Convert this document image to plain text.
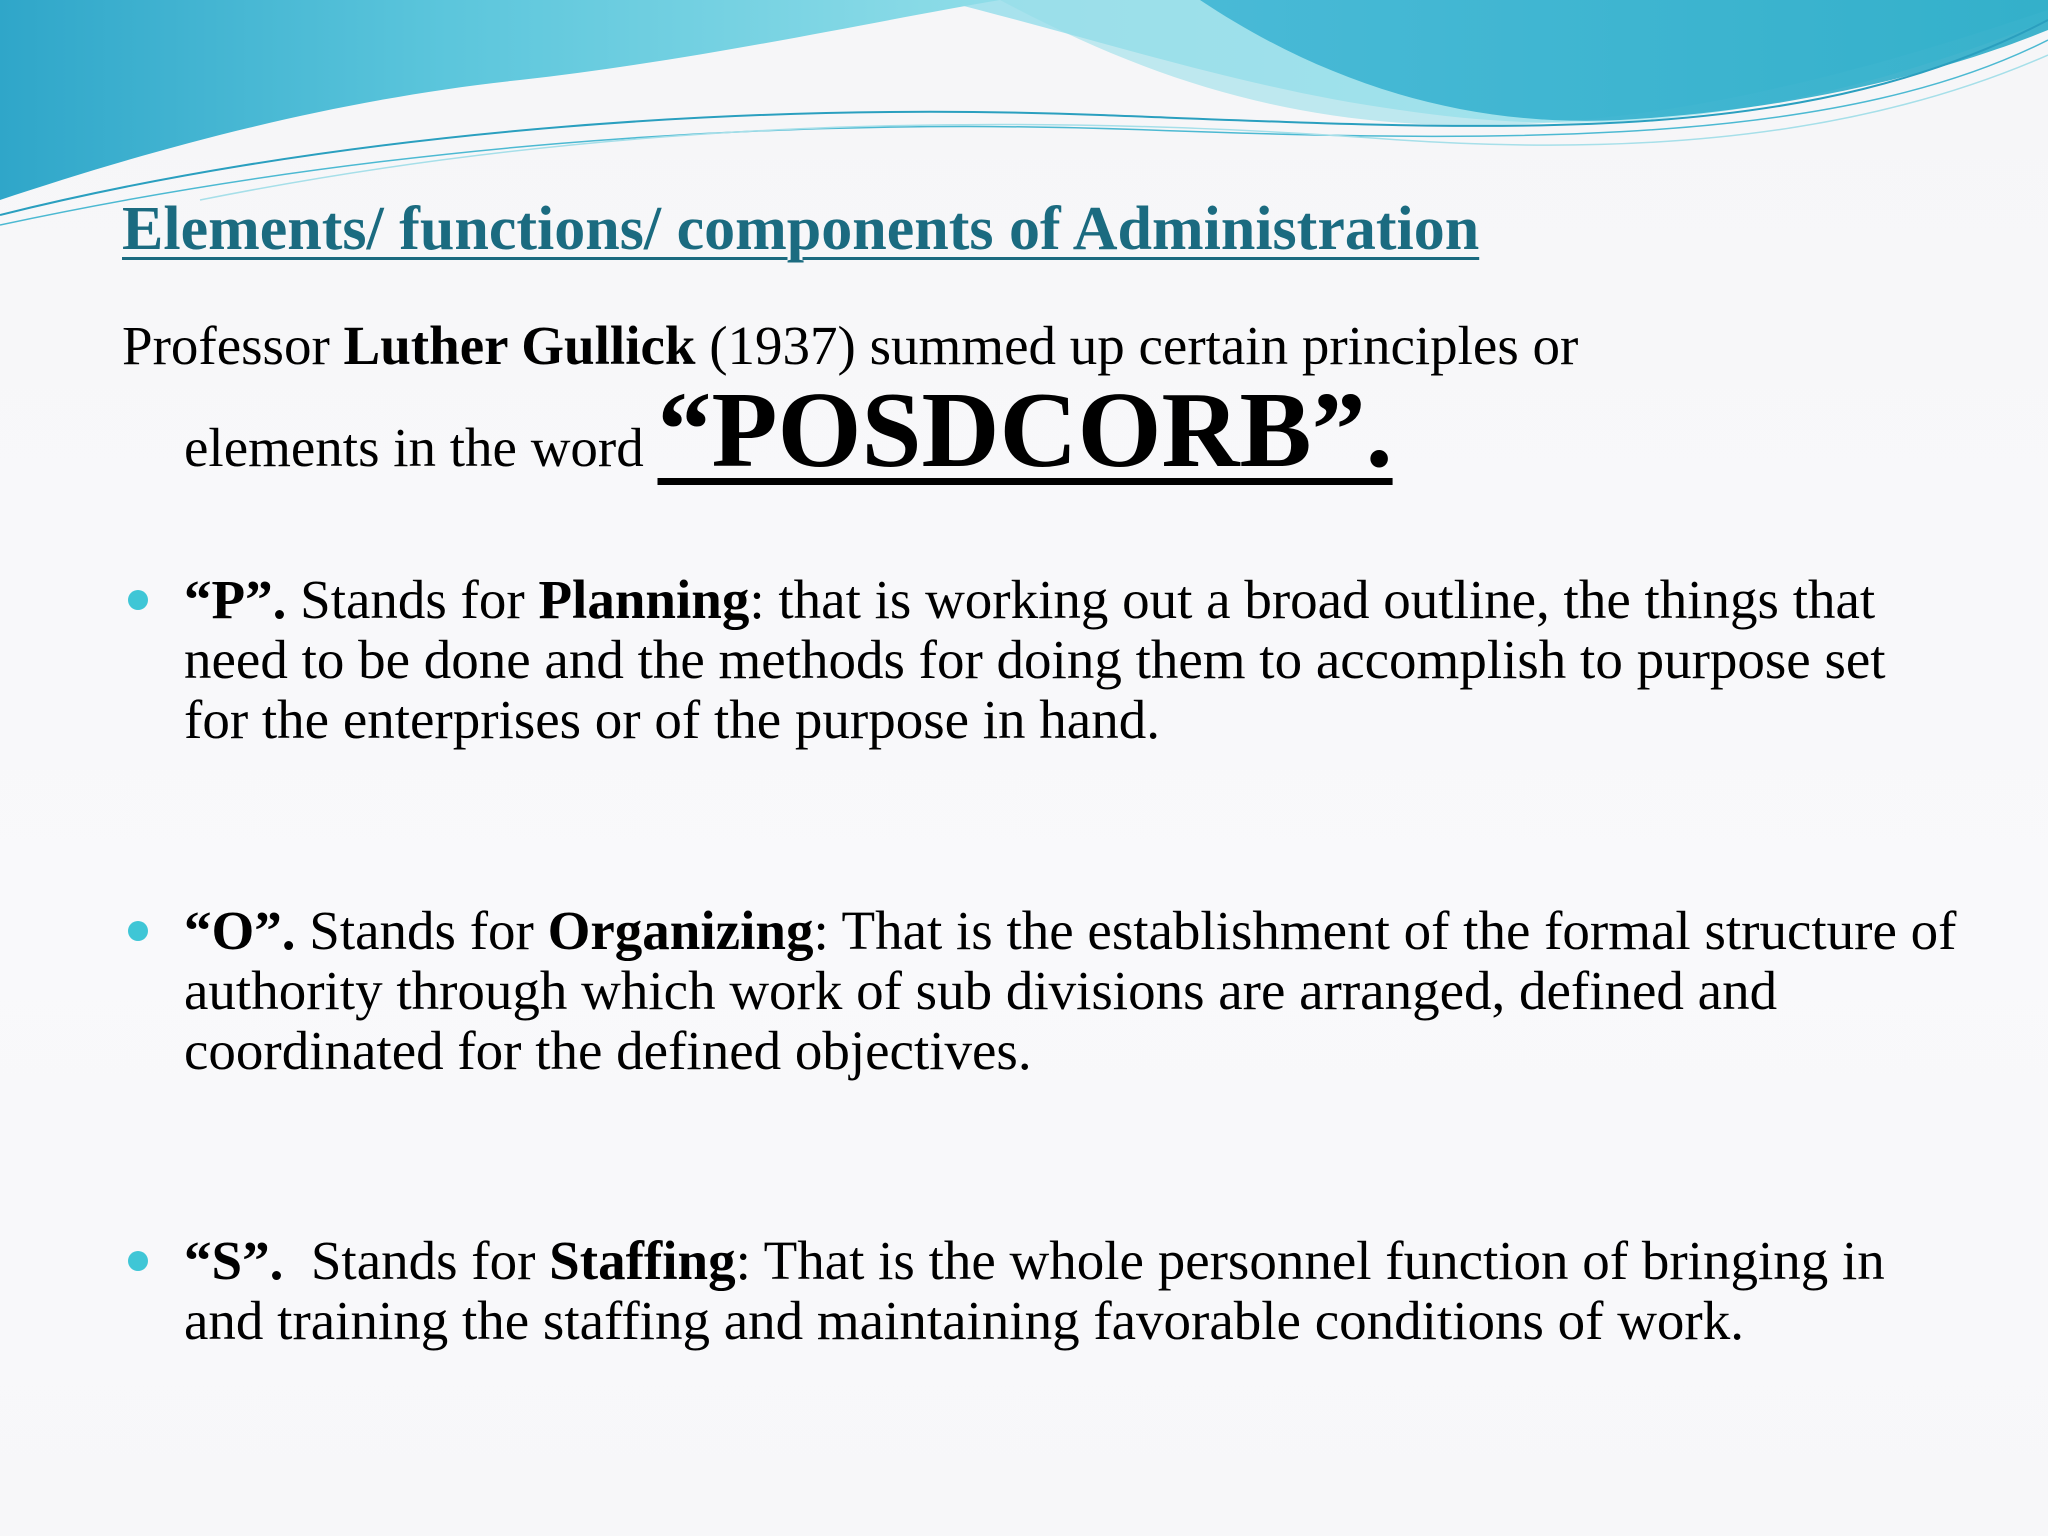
Elements/ functions/ components of Administration
Professor Luther Gullick (1937) summed up certain principles or
elements in the word “POSDCORB”.
“P”. Stands for Planning: that is working out a broad outline, the things that need to be done and the methods for doing them to accomplish to purpose set for the enterprises or of the purpose in hand.
“O”. Stands for Organizing: That is the establishment of the formal structure of authority through which work of sub divisions are arranged, defined and coordinated for the defined objectives.
“S”.  Stands for Staffing: That is the whole personnel function of bringing in and training the staffing and maintaining favorable conditions of work.
